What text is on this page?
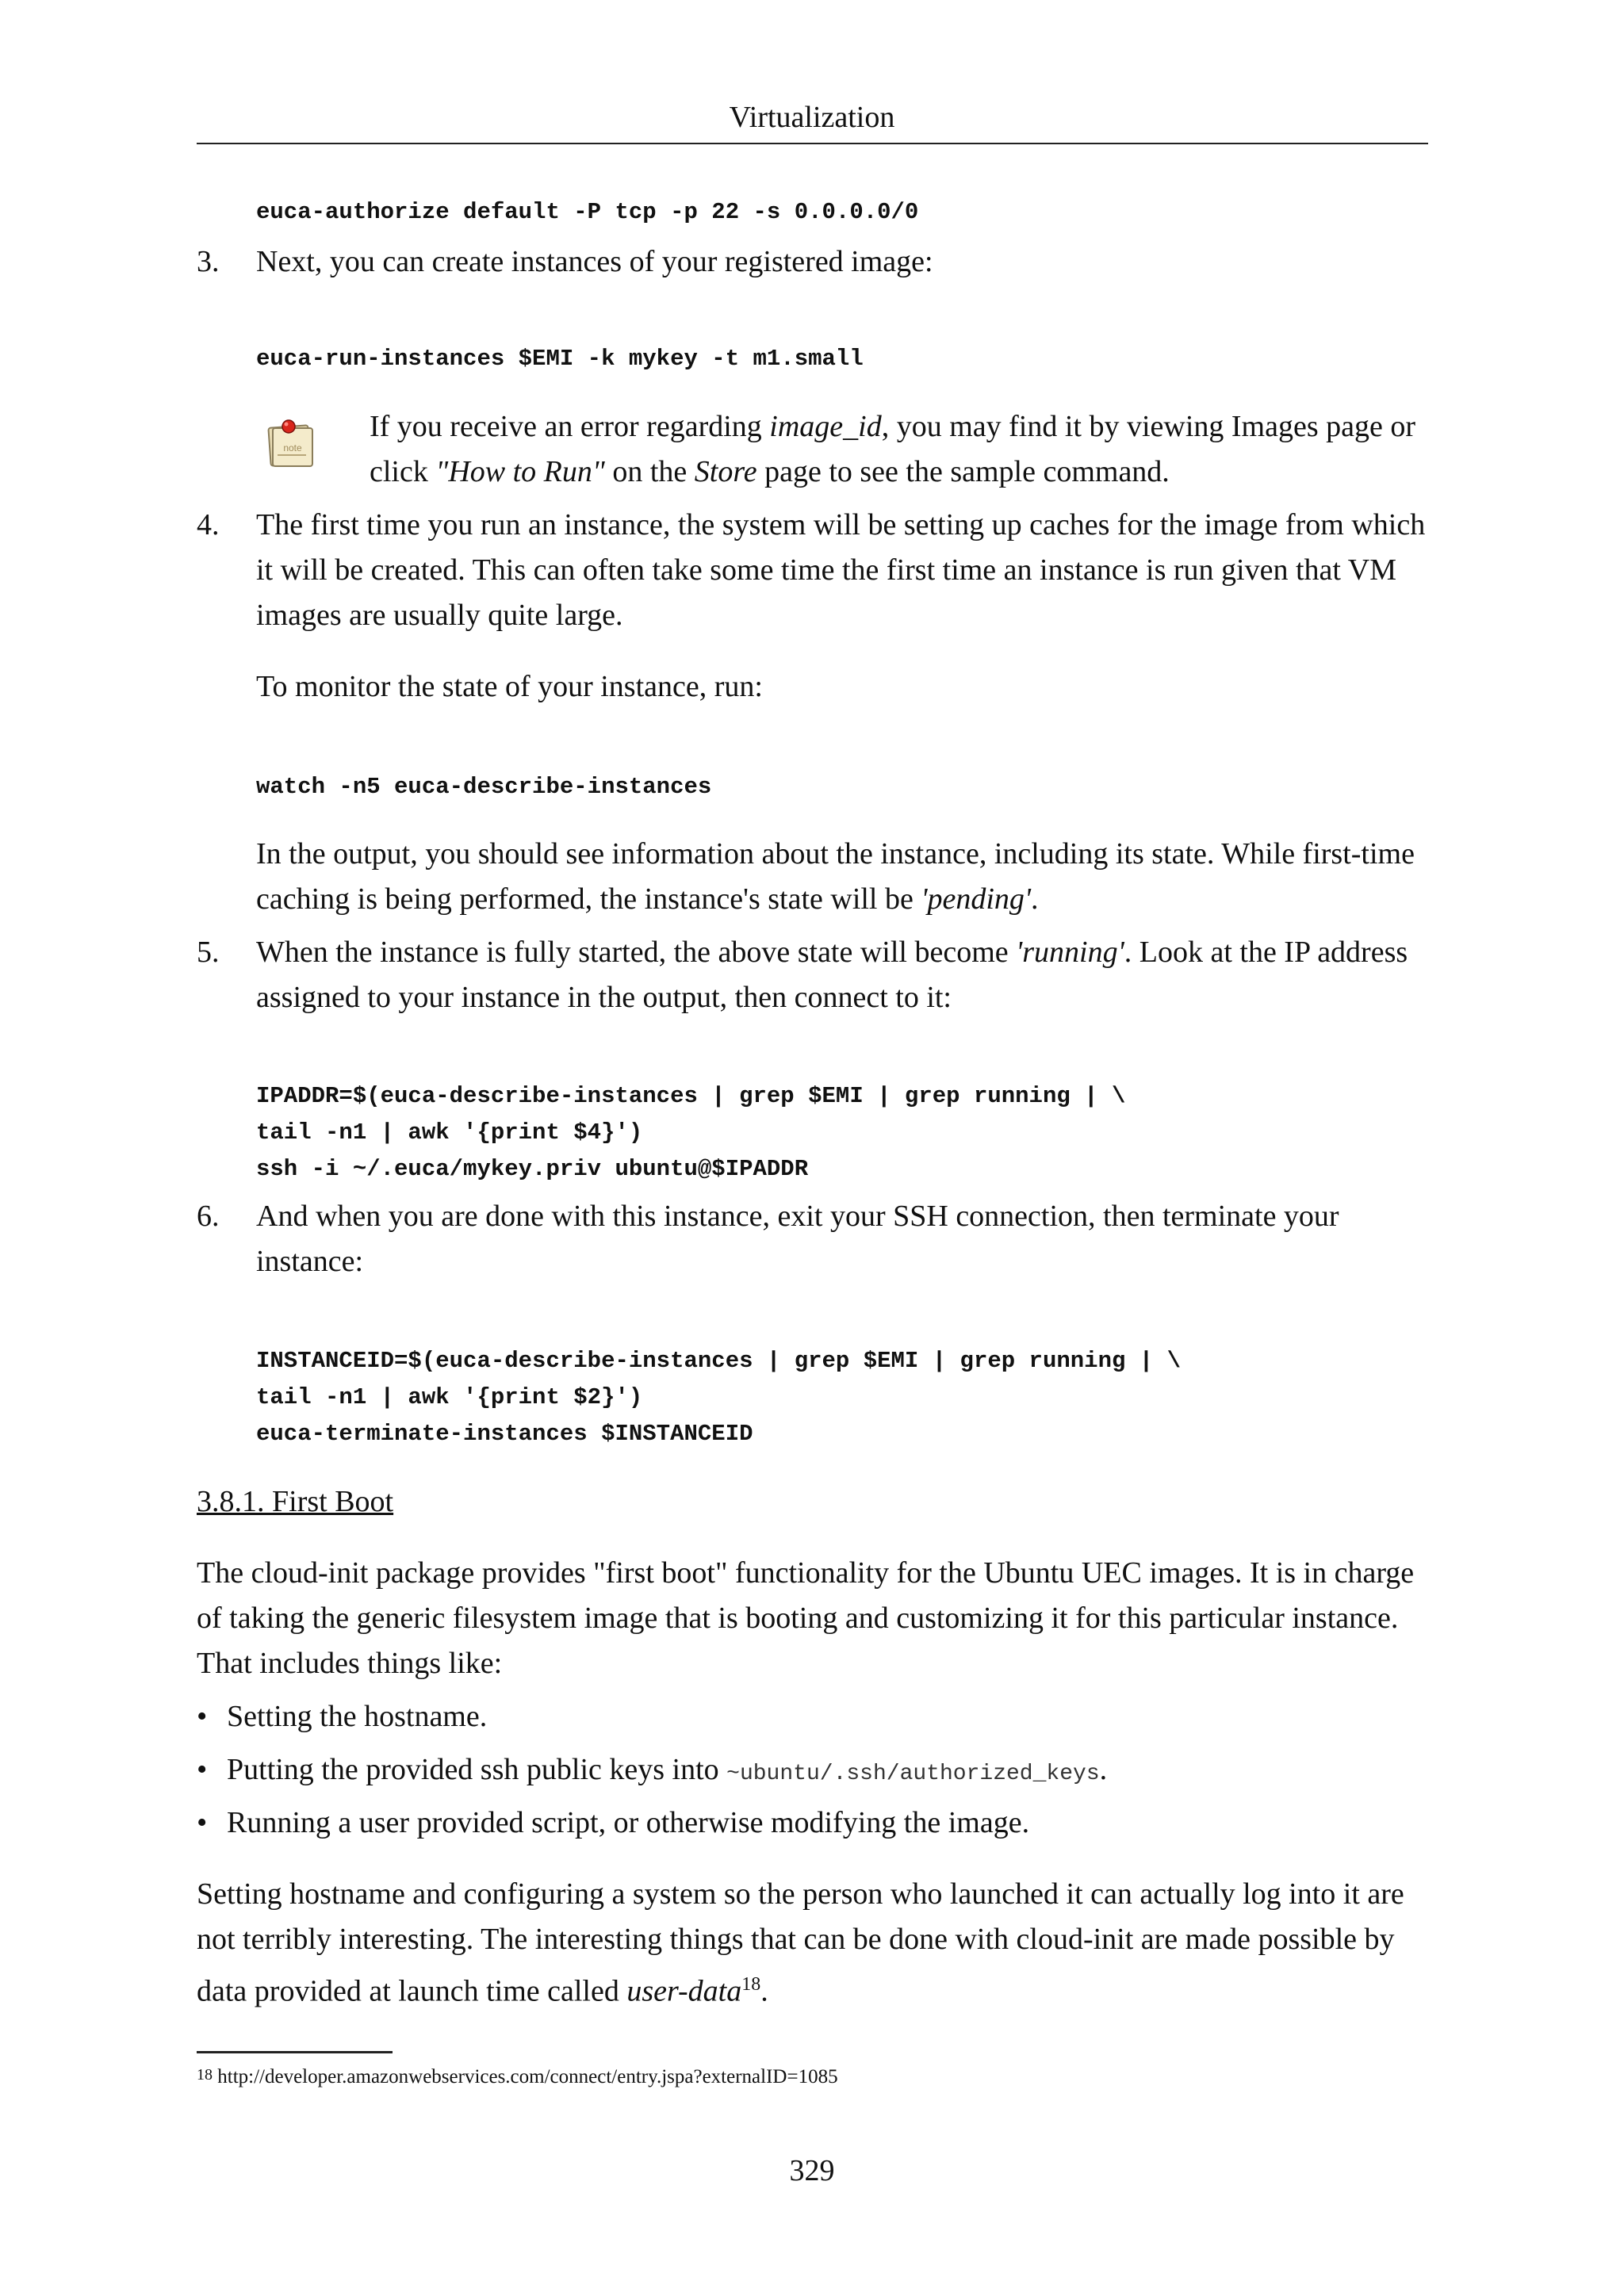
Virtualization
euca-authorize default -P tcp -p 22 -s 0.0.0.0/0
3.	Next, you can create instances of your registered image:
euca-run-instances $EMI -k mykey -t m1.small
note
If you receive an error regarding image_id, you may find it by viewing Images page or click "How to Run" on the Store page to see the sample command.
4.	The first time you run an instance, the system will be setting up caches for the image from which it will be created. This can often take some time the first time an instance is run given that VM images are usually quite large.
To monitor the state of your instance, run:
watch -n5 euca-describe-instances
In the output, you should see information about the instance, including its state. While first-time caching is being performed, the instance's state will be 'pending'.
5.	When the instance is fully started, the above state will become 'running'. Look at the IP address assigned to your instance in the output, then connect to it:
IPADDR=$(euca-describe-instances | grep $EMI | grep running | \
tail -n1 | awk '{print $4}')
ssh -i ~/.euca/mykey.priv ubuntu@$IPADDR
6.	And when you are done with this instance, exit your SSH connection, then terminate your instance:
INSTANCEID=$(euca-describe-instances | grep $EMI | grep running | \
tail -n1 | awk '{print $2}')
euca-terminate-instances $INSTANCEID
3.8.1. First Boot
The cloud-init package provides "first boot" functionality for the Ubuntu UEC images. It is in charge of taking the generic filesystem image that is booting and customizing it for this particular instance. That includes things like:
• Setting the hostname.
• Putting the provided ssh public keys into ~ubuntu/.ssh/authorized_keys.
• Running a user provided script, or otherwise modifying the image.
Setting hostname and configuring a system so the person who launched it can actually log into it are not terribly interesting. The interesting things that can be done with cloud-init are made possible by data provided at launch time called user-data$^{18}$.
$^{18}$ http://developer.amazonwebservices.com/connect/entry.jspa?externalID=1085
329
